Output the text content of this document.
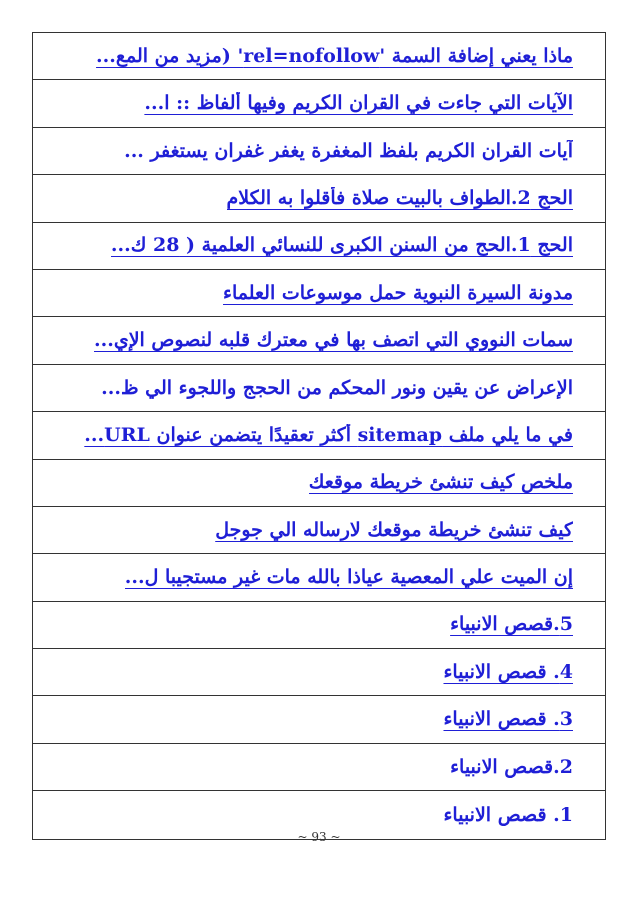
ماذا يعني إضافة السمة 'rel=nofollow' (مزيد من المع...
الآيات التي جاءت في القران الكريم وفيها ألفاظ :: ا...
آيات القران الكريم بلفظ المغفرة يغفر غفران يستغفر ...
الحج 2.الطواف بالبيت صلاة فأقلوا به الكلام
الحج 1.الحج من السنن الكبرى للنسائي العلمية ( 28 ك...
مدونة السيرة النبوية حمل موسوعات العلماء
سمات النووي التي اتصف بها في معترك قلبه لنصوص الإي...
الإعراض عن يقين ونور المحكم من الحجج واللجوء الي ظ...
في ما يلي ملف sitemap أكثر تعقيدًا يتضمن عنوان URL...
ملخص كيف تنشئ خريطة موقعك
كيف تنشئ خريطة موقعك لارساله الي جوجل
إن الميت علي المعصية عياذا بالله مات غير مستجيبا ل...
5.قصص الانبياء
4. قصص الانبياء
3. قصص الانبياء
2.قصص الانبياء
1. قصص الانبياء
~ 93 ~
